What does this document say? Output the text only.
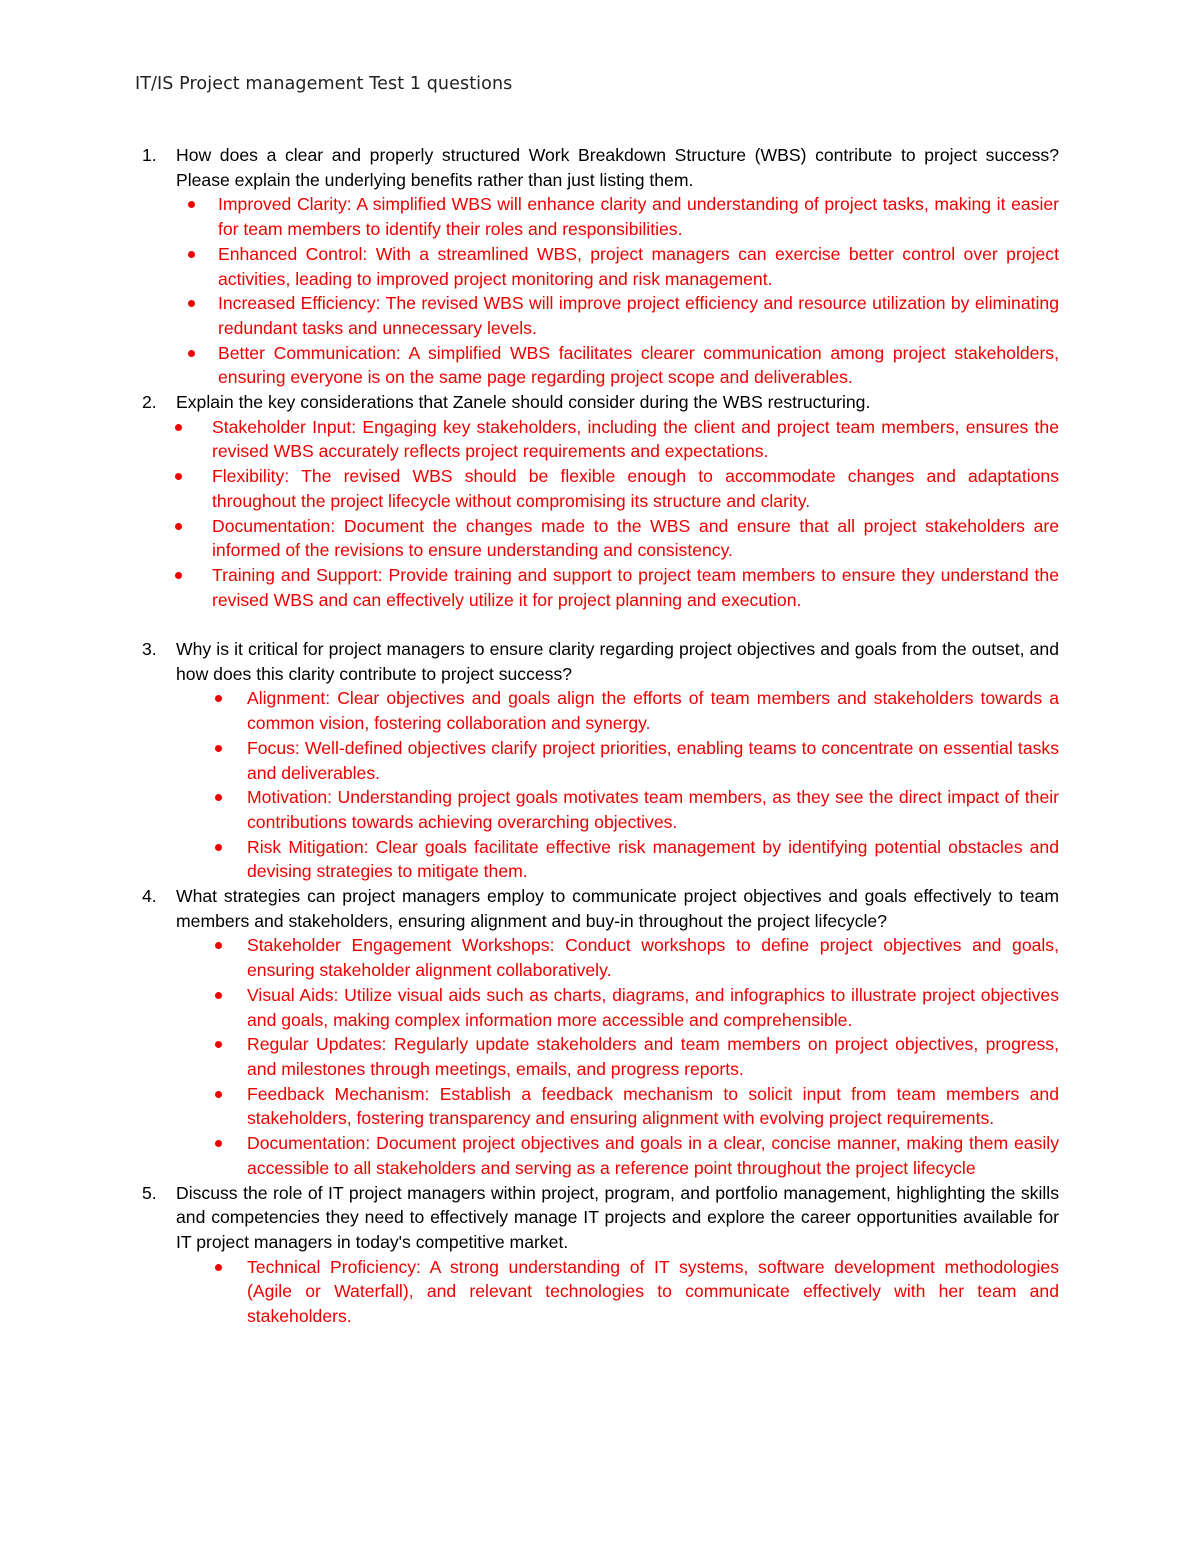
IT/IS Project management Test 1 questions
1. How does a clear and properly structured Work Breakdown Structure (WBS) contribute to project success? Please explain the underlying benefits rather than just listing them.
Improved Clarity: A simplified WBS will enhance clarity and understanding of project tasks, making it easier for team members to identify their roles and responsibilities.
Enhanced Control: With a streamlined WBS, project managers can exercise better control over project activities, leading to improved project monitoring and risk management.
Increased Efficiency: The revised WBS will improve project efficiency and resource utilization by eliminating redundant tasks and unnecessary levels.
Better Communication: A simplified WBS facilitates clearer communication among project stakeholders, ensuring everyone is on the same page regarding project scope and deliverables.
2. Explain the key considerations that Zanele should consider during the WBS restructuring.
Stakeholder Input: Engaging key stakeholders, including the client and project team members, ensures the revised WBS accurately reflects project requirements and expectations.
Flexibility: The revised WBS should be flexible enough to accommodate changes and adaptations throughout the project lifecycle without compromising its structure and clarity.
Documentation: Document the changes made to the WBS and ensure that all project stakeholders are informed of the revisions to ensure understanding and consistency.
Training and Support: Provide training and support to project team members to ensure they understand the revised WBS and can effectively utilize it for project planning and execution.
3. Why is it critical for project managers to ensure clarity regarding project objectives and goals from the outset, and how does this clarity contribute to project success?
Alignment: Clear objectives and goals align the efforts of team members and stakeholders towards a common vision, fostering collaboration and synergy.
Focus: Well-defined objectives clarify project priorities, enabling teams to concentrate on essential tasks and deliverables.
Motivation: Understanding project goals motivates team members, as they see the direct impact of their contributions towards achieving overarching objectives.
Risk Mitigation: Clear goals facilitate effective risk management by identifying potential obstacles and devising strategies to mitigate them.
4. What strategies can project managers employ to communicate project objectives and goals effectively to team members and stakeholders, ensuring alignment and buy-in throughout the project lifecycle?
Stakeholder Engagement Workshops: Conduct workshops to define project objectives and goals, ensuring stakeholder alignment collaboratively.
Visual Aids: Utilize visual aids such as charts, diagrams, and infographics to illustrate project objectives and goals, making complex information more accessible and comprehensible.
Regular Updates: Regularly update stakeholders and team members on project objectives, progress, and milestones through meetings, emails, and progress reports.
Feedback Mechanism: Establish a feedback mechanism to solicit input from team members and stakeholders, fostering transparency and ensuring alignment with evolving project requirements.
Documentation: Document project objectives and goals in a clear, concise manner, making them easily accessible to all stakeholders and serving as a reference point throughout the project lifecycle
5. Discuss the role of IT project managers within project, program, and portfolio management, highlighting the skills and competencies they need to effectively manage IT projects and explore the career opportunities available for IT project managers in today's competitive market.
Technical Proficiency: A strong understanding of IT systems, software development methodologies (Agile or Waterfall), and relevant technologies to communicate effectively with her team and stakeholders.
